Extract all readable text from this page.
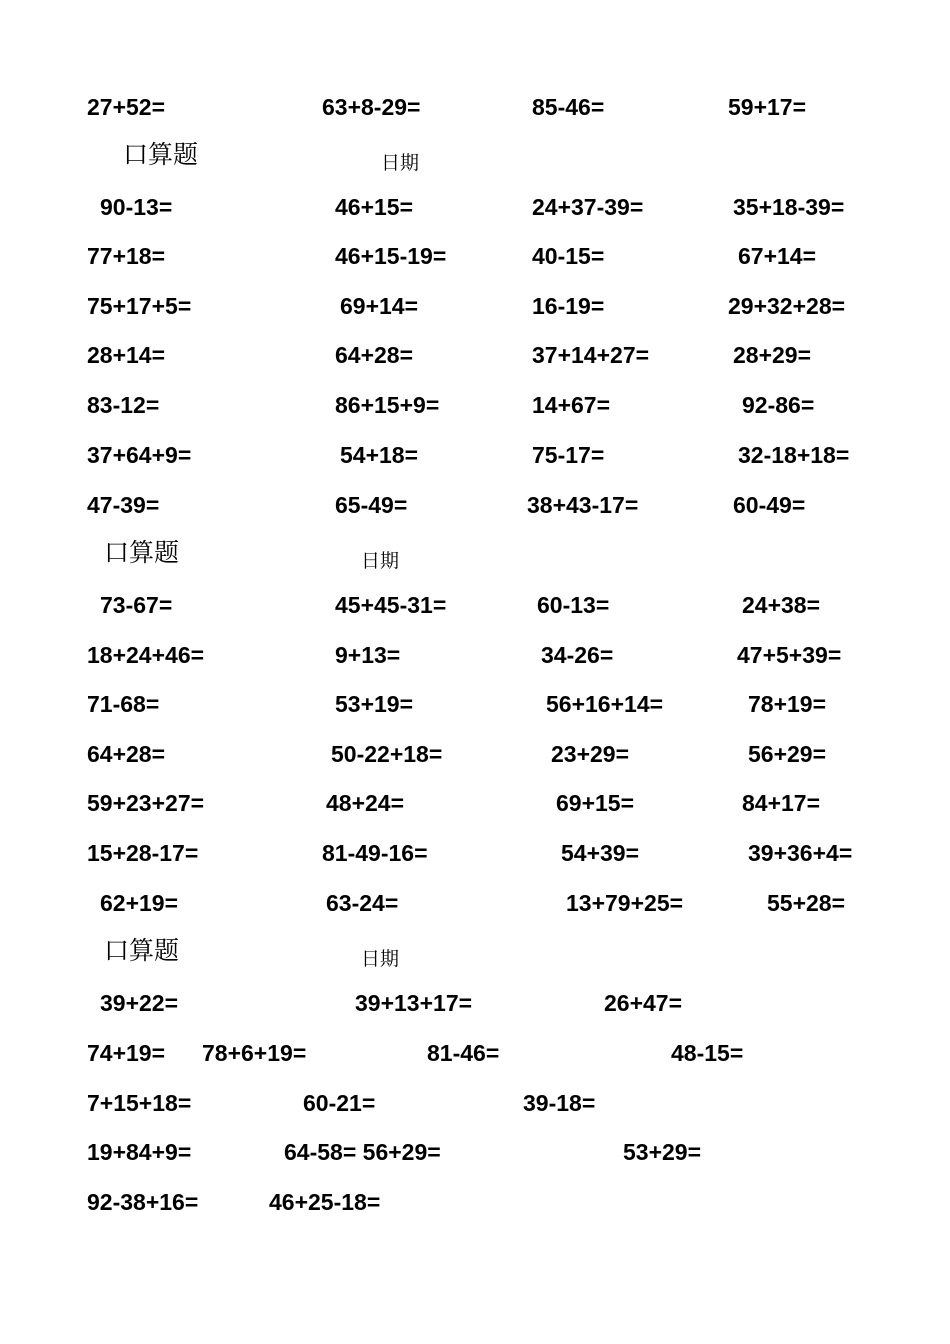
27+52=	63+8-29=	85-46=	59+17=
口算题	日期
90-13=	46+15=	24+37-39=	35+18-39=
77+18=	46+15-19=	40-15=	67+14=
75+17+5=	69+14=	16-19=	29+32+28=
28+14=	64+28=	37+14+27=	28+29=
83-12=	86+15+9=	14+67=	92-86=
37+64+9=	54+18=	75-17=	32-18+18=
47-39=	65-49=	38+43-17=	60-49=
口算题	日期
73-67=	45+45-31=	60-13=	24+38=
18+24+46=	9+13=	34-26=	47+5+39=
71-68=	53+19=	56+16+14=	78+19=
64+28=	50-22+18=	23+29=	56+29=
59+23+27=	48+24=	69+15=	84+17=
15+28-17=	81-49-16=	54+39=	39+36+4=
62+19=	63-24=	13+79+25=	55+28=
口算题	日期
39+22=	39+13+17=	26+47=
74+19= 78+6+19=	81-46=	48-15=
7+15+18=	60-21=	39-18=
19+84+9=	64-58= 56+29=	53+29=
92-38+16=	46+25-18=
